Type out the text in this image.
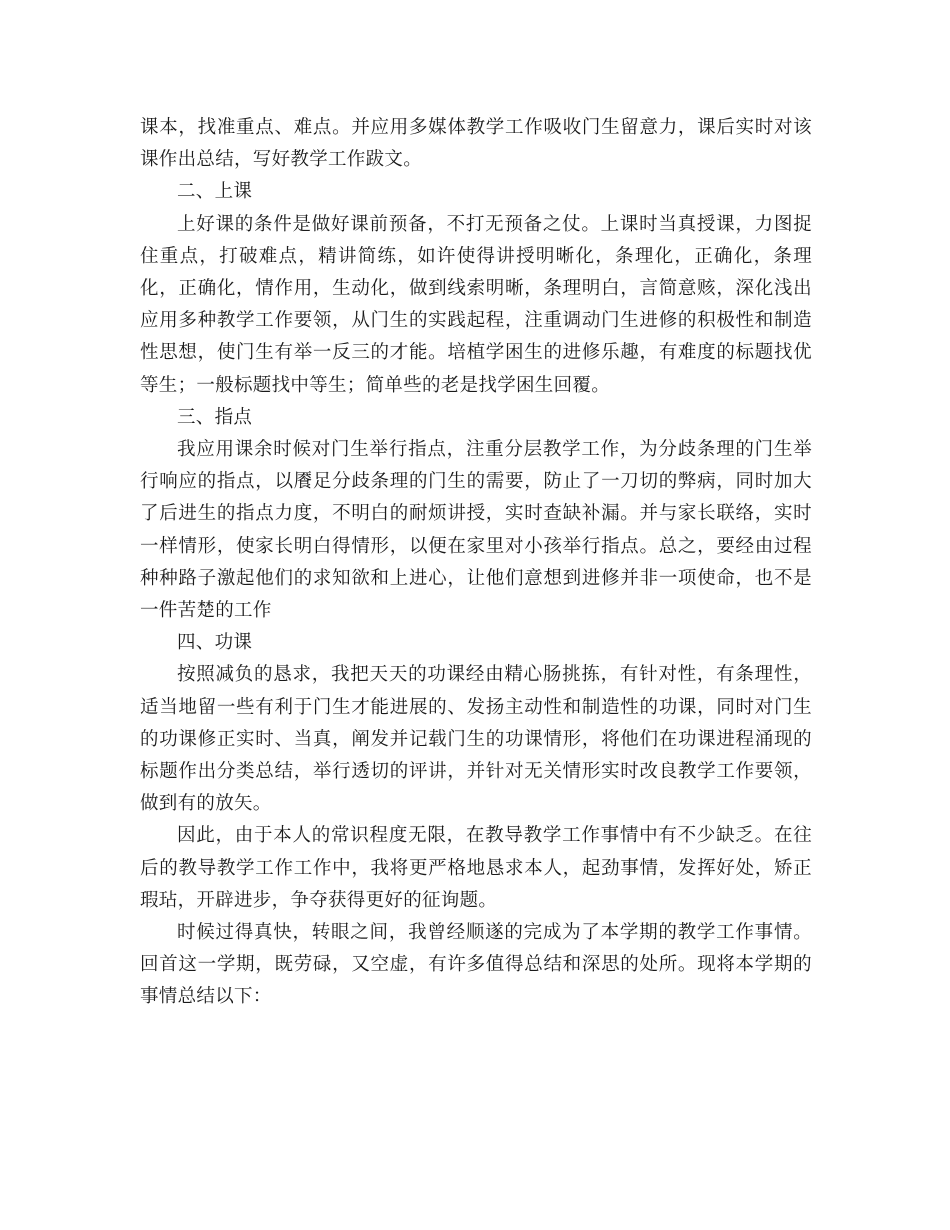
课本，找准重点、难点。并应用多媒体教学工作吸收门生留意力，课后实时对该课作出总结，写好教学工作跋文。

二、上课

上好课的条件是做好课前预备，不打无预备之仗。上课时当真授课，力图捉住重点，打破难点，精讲简练，如许使得讲授明晰化，条理化，正确化，条理化，正确化，情作用，生动化，做到线索明晰，条理明白，言简意赅，深化浅出应用多种教学工作要领，从门生的实践起程，注重调动门生进修的积极性和制造性思想，使门生有举一反三的才能。培植学困生的进修乐趣，有难度的标题找优等生；一般标题找中等生；简单些的老是找学困生回覆。

三、指点

我应用课余时候对门生举行指点，注重分层教学工作，为分歧条理的门生举行响应的指点，以餍足分歧条理的门生的需要，防止了一刀切的弊病，同时加大了后进生的指点力度，不明白的耐烦讲授，实时查缺补漏。并与家长联络，实时一样情形，使家长明白得情形，以便在家里对小孩举行指点。总之，要经由过程种种路子激起他们的求知欲和上进心，让他们意想到进修并非一项使命，也不是一件苦楚的工作

四、功课

按照减负的恳求，我把天天的功课经由精心肠挑拣，有针对性，有条理性，适当地留一些有利于门生才能进展的、发扬主动性和制造性的功课，同时对门生的功课修正实时、当真，阐发并记载门生的功课情形，将他们在功课进程涌现的标题作出分类总结，举行透切的评讲，并针对无关情形实时改良教学工作要领，做到有的放矢。

因此，由于本人的常识程度无限，在教导教学工作事情中有不少缺乏。在往后的教导教学工作工作中，我将更严格地恳求本人，起劲事情，发挥好处，矫正瑕玷，开辟进步，争夺获得更好的征询题。

时候过得真快，转眼之间，我曾经顺遂的完成为了本学期的教学工作事情。回首这一学期，既劳碌，又空虚，有许多值得总结和深思的处所。现将本学期的事情总结以下：
